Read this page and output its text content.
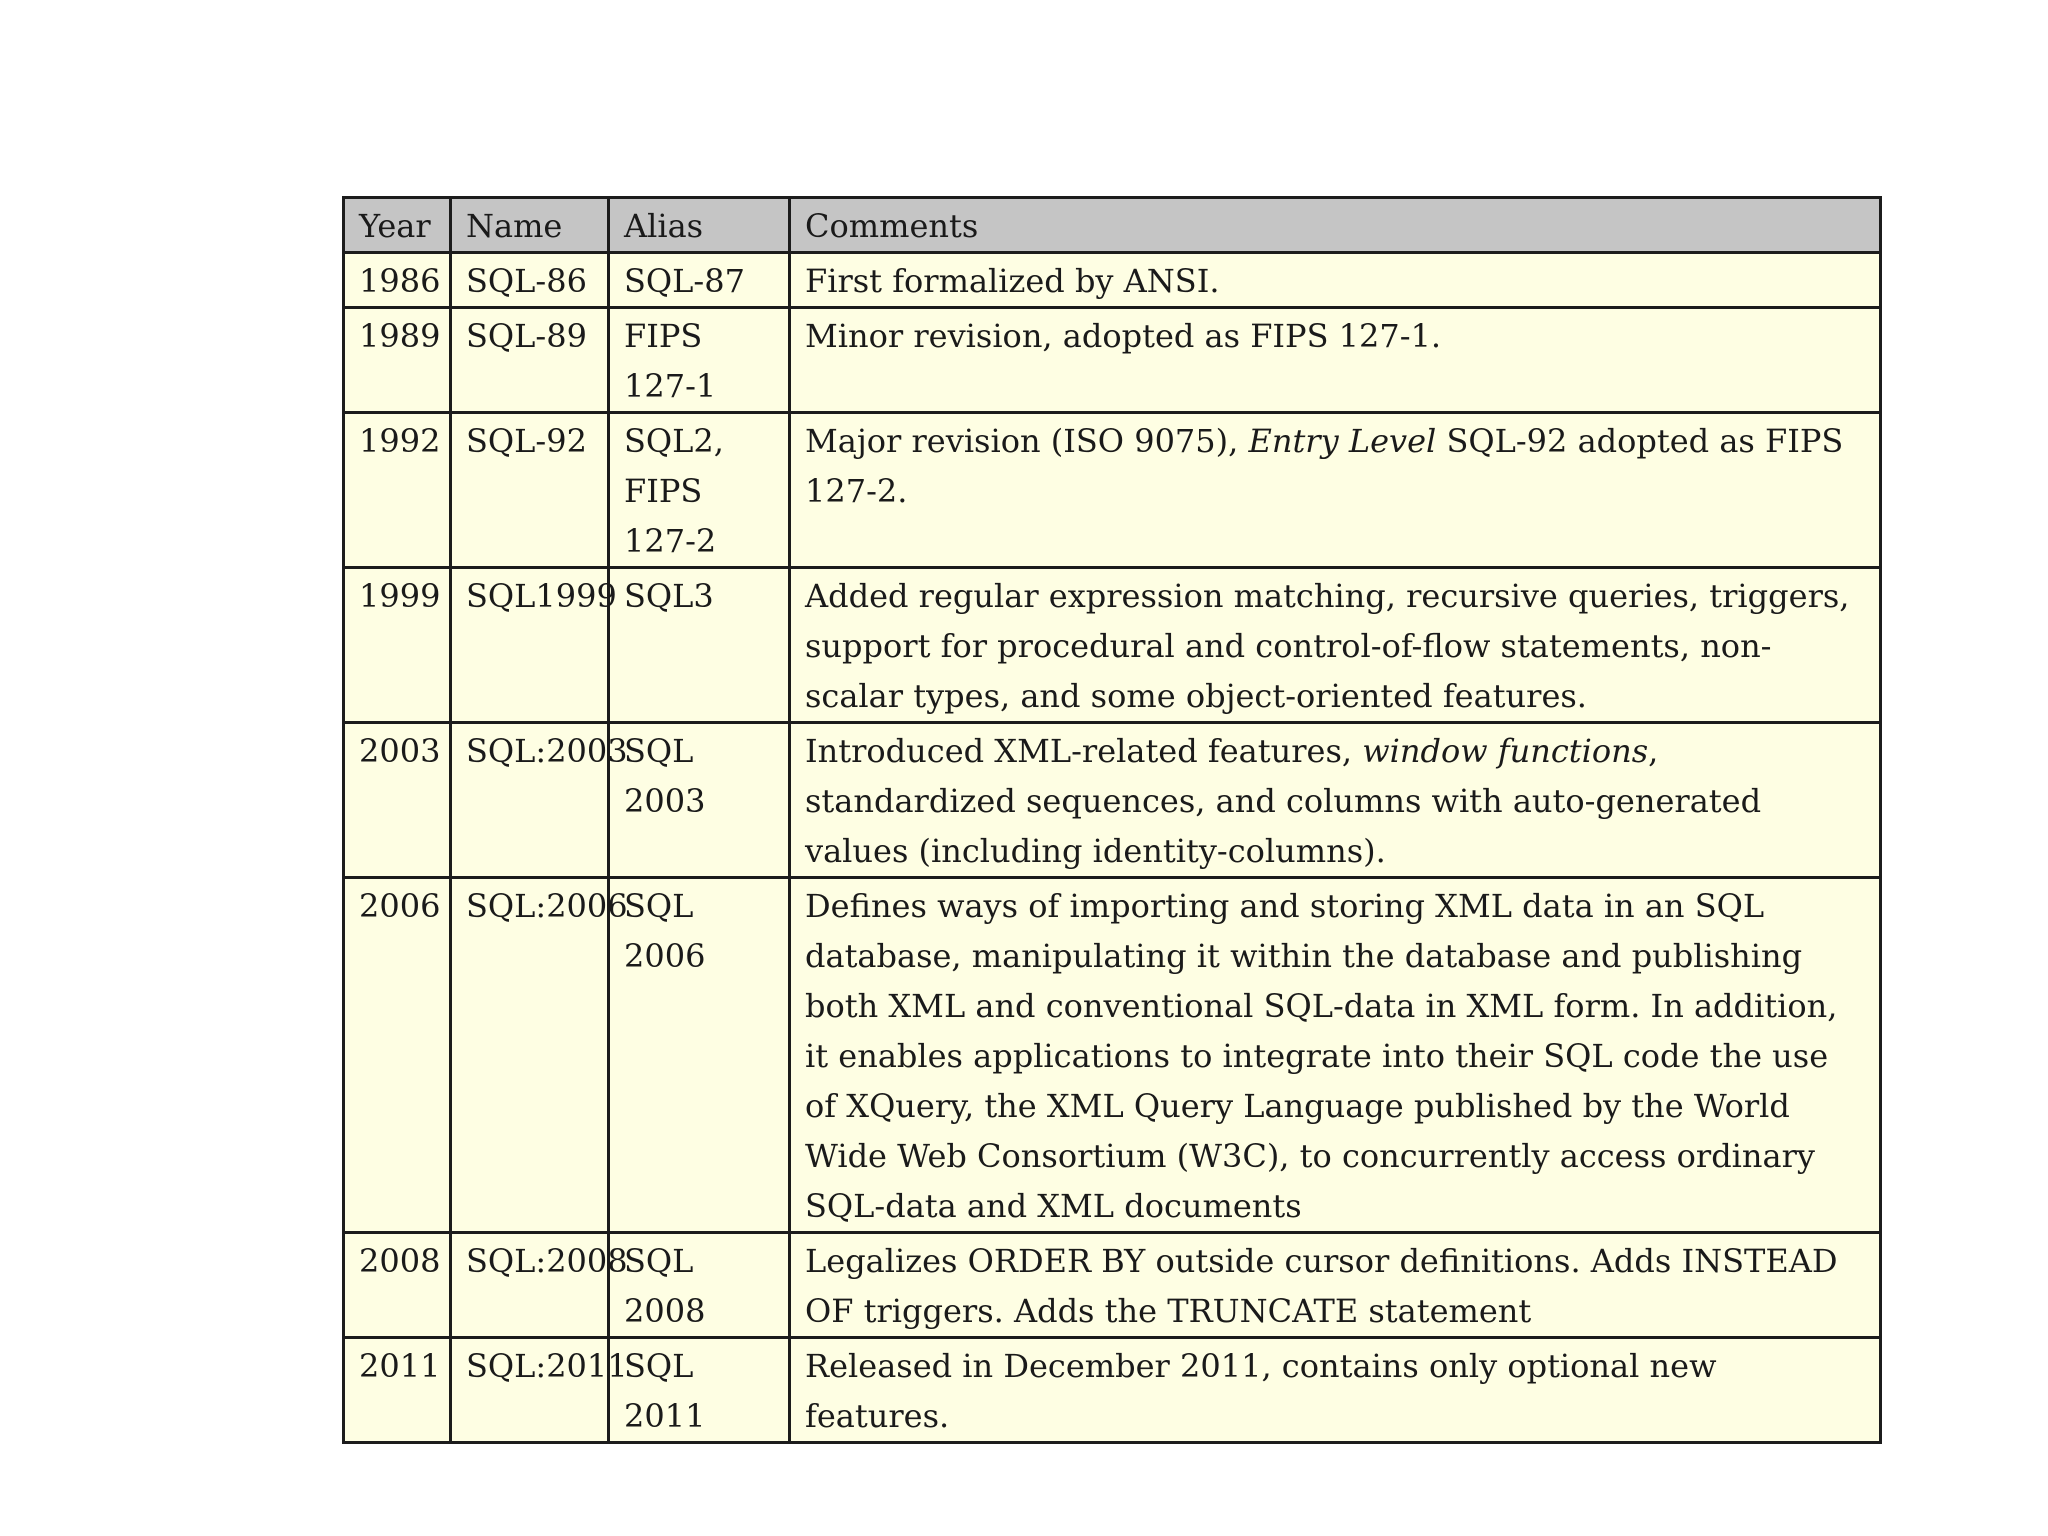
Year	Name	Alias	Comments
1986	SQL-86	SQL-87	First formalized by ANSI.
1989	SQL-89	FIPS 127-1	Minor revision, adopted as FIPS 127-1.
1992	SQL-92	SQL2, FIPS 127-2	Major revision (ISO 9075), Entry Level SQL-92 adopted as FIPS 127-2.
1999	SQL1999	SQL3	Added regular expression matching, recursive queries, triggers, support for procedural and control-of-flow statements, non-scalar types, and some object-oriented features.
2003	SQL:2003	SQL 2003	Introduced XML-related features, window functions, standardized sequences, and columns with auto-generated values (including identity-columns).
2006	SQL:2006	SQL 2006	Defines ways of importing and storing XML data in an SQL database, manipulating it within the database and publishing both XML and conventional SQL-data in XML form. In addition, it enables applications to integrate into their SQL code the use of XQuery, the XML Query Language published by the World Wide Web Consortium (W3C), to concurrently access ordinary SQL-data and XML documents
2008	SQL:2008	SQL 2008	Legalizes ORDER BY outside cursor definitions. Adds INSTEAD OF triggers. Adds the TRUNCATE statement
2011	SQL:2011	SQL 2011	Released in December 2011, contains only optional new features.
